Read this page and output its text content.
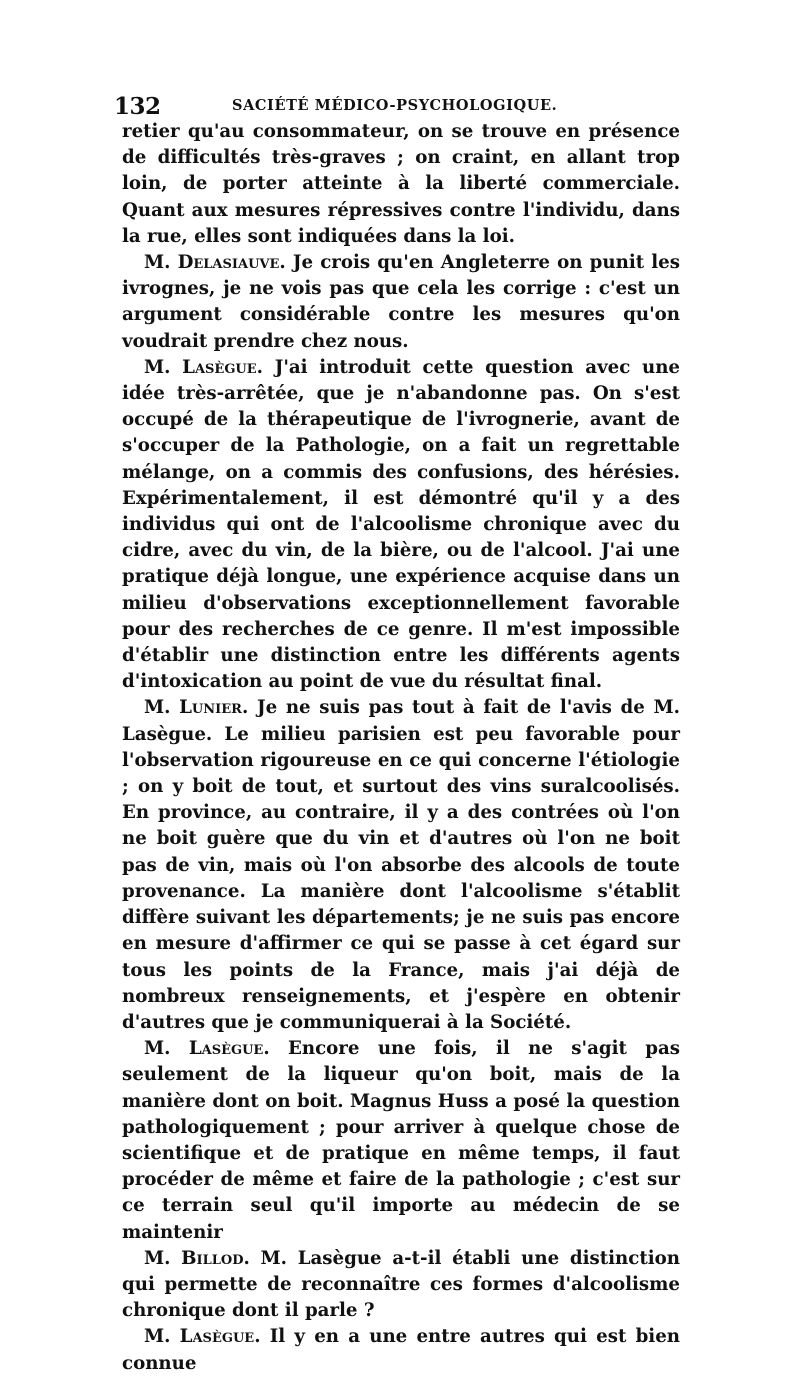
132	SACIÉTÉ MÉDICO-PSYCHOLOGIQUE.

retier qu'au consommateur, on se trouve en présence de difficultés très-graves ; on craint, en allant trop loin, de porter atteinte à la liberté commerciale. Quant aux mesures répressives contre l'individu, dans la rue, elles sont indiquées dans la loi.

M. Delasiauve. Je crois qu'en Angleterre on punit les ivrognes, je ne vois pas que cela les corrige : c'est un argument considérable contre les mesures qu'on voudrait prendre chez nous.

M. Lasègue. J'ai introduit cette question avec une idée très-arrêtée, que je n'abandonne pas. On s'est occupé de la thérapeutique de l'ivrognerie, avant de s'occuper de la Pathologie, on a fait un regrettable mélange, on a commis des confusions, des hérésies. Expérimentalement, il est démontré qu'il y a des individus qui ont de l'alcoolisme chronique avec du cidre, avec du vin, de la bière, ou de l'alcool. J'ai une pratique déjà longue, une expérience acquise dans un milieu d'observations exceptionnellement favorable pour des recherches de ce genre. Il m'est impossible d'établir une distinction entre les différents agents d'intoxication au point de vue du résultat final.

M. Lunier. Je ne suis pas tout à fait de l'avis de M. Lasègue. Le milieu parisien est peu favorable pour l'observation rigoureuse en ce qui concerne l'étiologie ; on y boit de tout, et surtout des vins suralcoolisés. En province, au contraire, il y a des contrées où l'on ne boit guère que du vin et d'autres où l'on ne boit pas de vin, mais où l'on absorbe des alcools de toute provenance. La manière dont l'alcoolisme s'établit diffère suivant les départements; je ne suis pas encore en mesure d'affirmer ce qui se passe à cet égard sur tous les points de la France, mais j'ai déjà de nombreux renseignements, et j'espère en obtenir d'autres que je communiquerai à la Société.

M. Lasègue. Encore une fois, il ne s'agit pas seulement de la liqueur qu'on boit, mais de la manière dont on boit. Magnus Huss a posé la question pathologiquement ; pour arriver à quelque chose de scientifique et de pratique en même temps, il faut procéder de même et faire de la pathologie ; c'est sur ce terrain seul qu'il importe au médecin de se maintenir

M. Billod. M. Lasègue a-t-il établi une distinction qui permette de reconnaître ces formes d'alcoolisme chronique dont il parle ?

M. Lasègue. Il y en a une entre autres qui est bien connue
